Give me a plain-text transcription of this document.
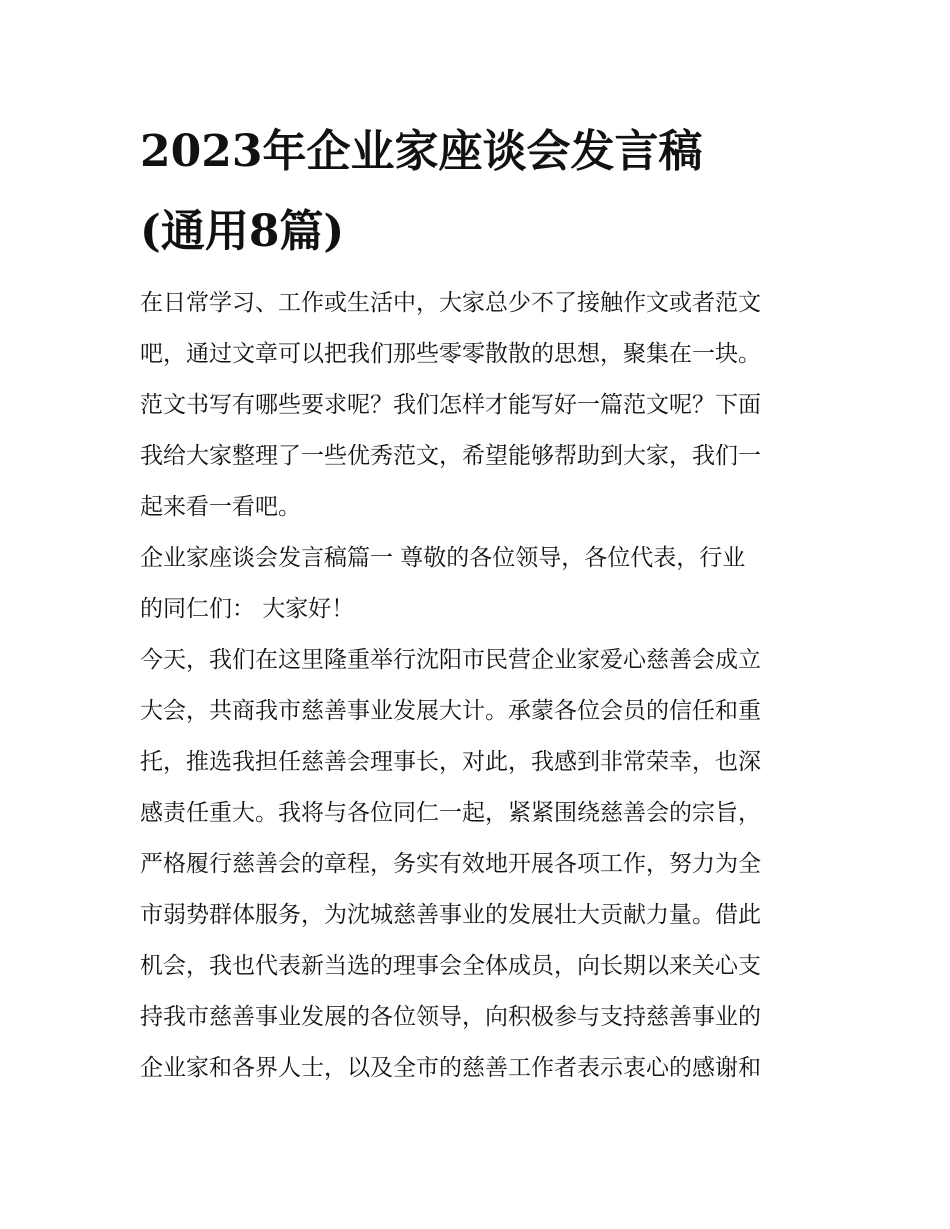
2023年企业家座谈会发言稿
(通用8篇)
在日常学习、工作或生活中，大家总少不了接触作文或者范文
吧，通过文章可以把我们那些零零散散的思想，聚集在一块。
范文书写有哪些要求呢？我们怎样才能写好一篇范文呢？下面
我给大家整理了一些优秀范文，希望能够帮助到大家，我们一
起来看一看吧。
企业家座谈会发言稿篇一 尊敬的各位领导，各位代表，行业
的同仁们： 大家好！
今天，我们在这里隆重举行沈阳市民营企业家爱心慈善会成立
大会，共商我市慈善事业发展大计。承蒙各位会员的信任和重
托，推选我担任慈善会理事长，对此，我感到非常荣幸，也深
感责任重大。我将与各位同仁一起，紧紧围绕慈善会的宗旨，
严格履行慈善会的章程，务实有效地开展各项工作，努力为全
市弱势群体服务，为沈城慈善事业的发展壮大贡献力量。借此
机会，我也代表新当选的理事会全体成员，向长期以来关心支
持我市慈善事业发展的各位领导，向积极参与支持慈善事业的
企业家和各界人士，以及全市的慈善工作者表示衷心的感谢和
